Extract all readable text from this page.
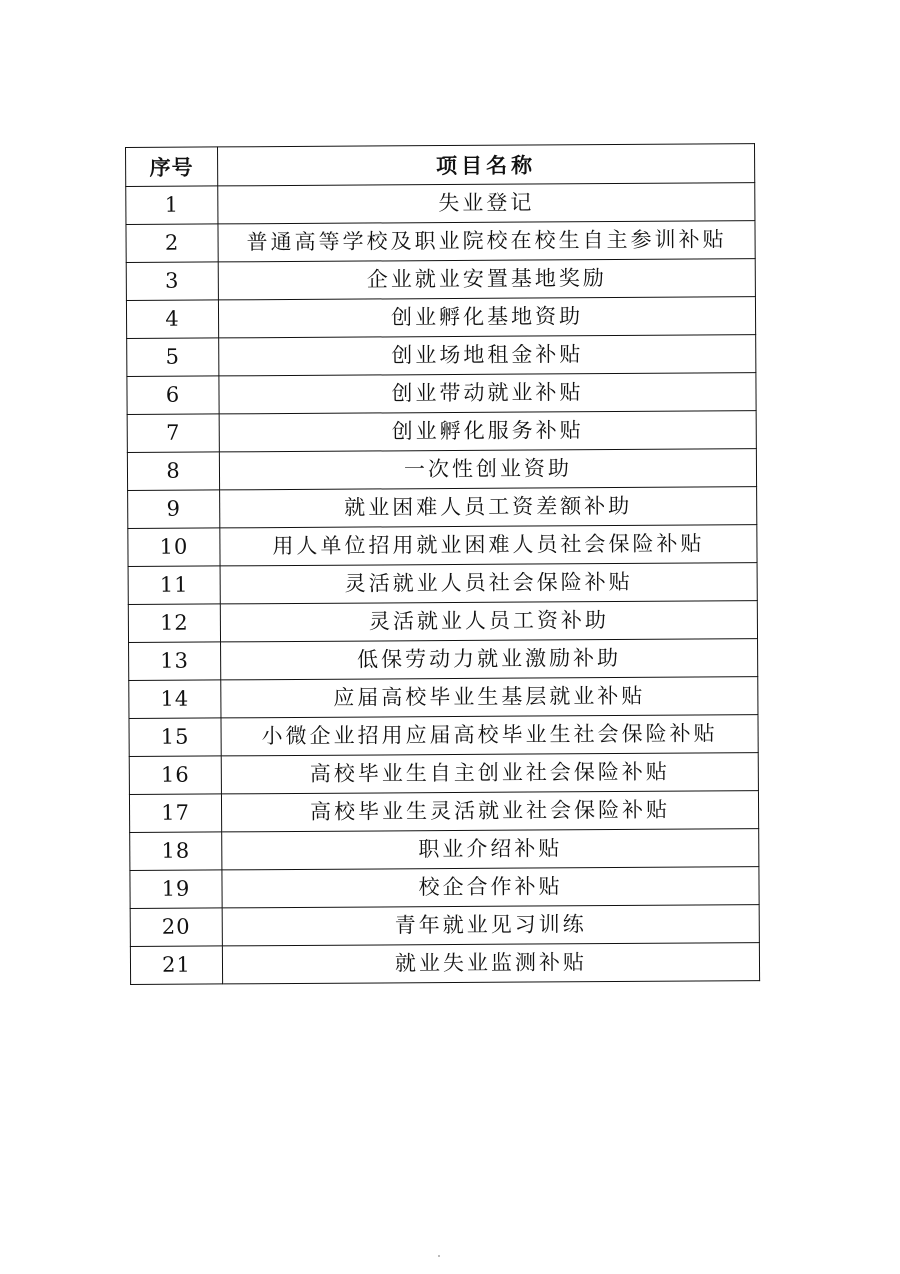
序号	项目名称
1	失业登记
2	普通高等学校及职业院校在校生自主参训补贴
3	企业就业安置基地奖励
4	创业孵化基地资助
5	创业场地租金补贴
6	创业带动就业补贴
7	创业孵化服务补贴
8	一次性创业资助
9	就业困难人员工资差额补助
10	用人单位招用就业困难人员社会保险补贴
11	灵活就业人员社会保险补贴
12	灵活就业人员工资补助
13	低保劳动力就业激励补助
14	应届高校毕业生基层就业补贴
15	小微企业招用应届高校毕业生社会保险补贴
16	高校毕业生自主创业社会保险补贴
17	高校毕业生灵活就业社会保险补贴
18	职业介绍补贴
19	校企合作补贴
20	青年就业见习训练
21	就业失业监测补贴
